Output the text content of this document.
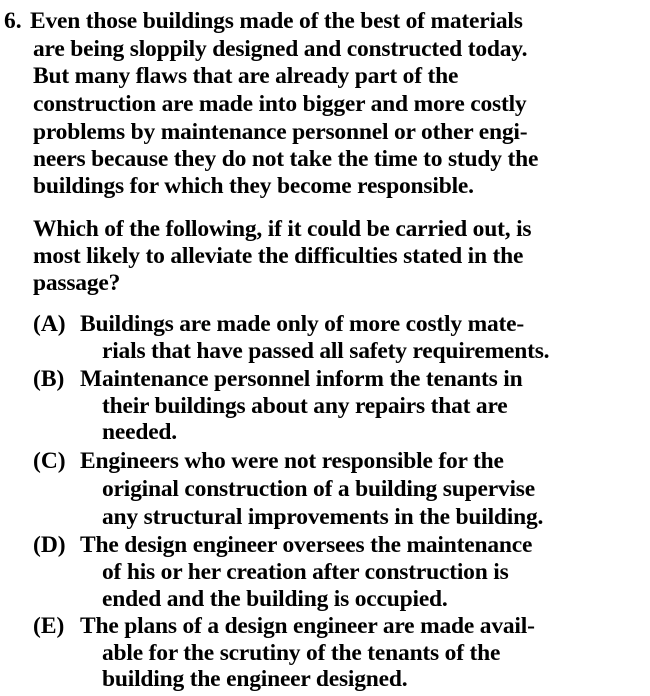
6. Even those buildings made of the best of materials
are being sloppily designed and constructed today.
But many flaws that are already part of the
construction are made into bigger and more costly
problems by maintenance personnel or other engi-
neers because they do not take the time to study the
buildings for which they become responsible.
Which of the following, if it could be carried out, is
most likely to alleviate the difficulties stated in the
passage?
(A) Buildings are made only of more costly mate-
rials that have passed all safety requirements.
(B) Maintenance personnel inform the tenants in
their buildings about any repairs that are
needed.
(C) Engineers who were not responsible for the
original construction of a building supervise
any structural improvements in the building.
(D) The design engineer oversees the maintenance
of his or her creation after construction is
ended and the building is occupied.
(E) The plans of a design engineer are made avail-
able for the scrutiny of the tenants of the
building the engineer designed.
